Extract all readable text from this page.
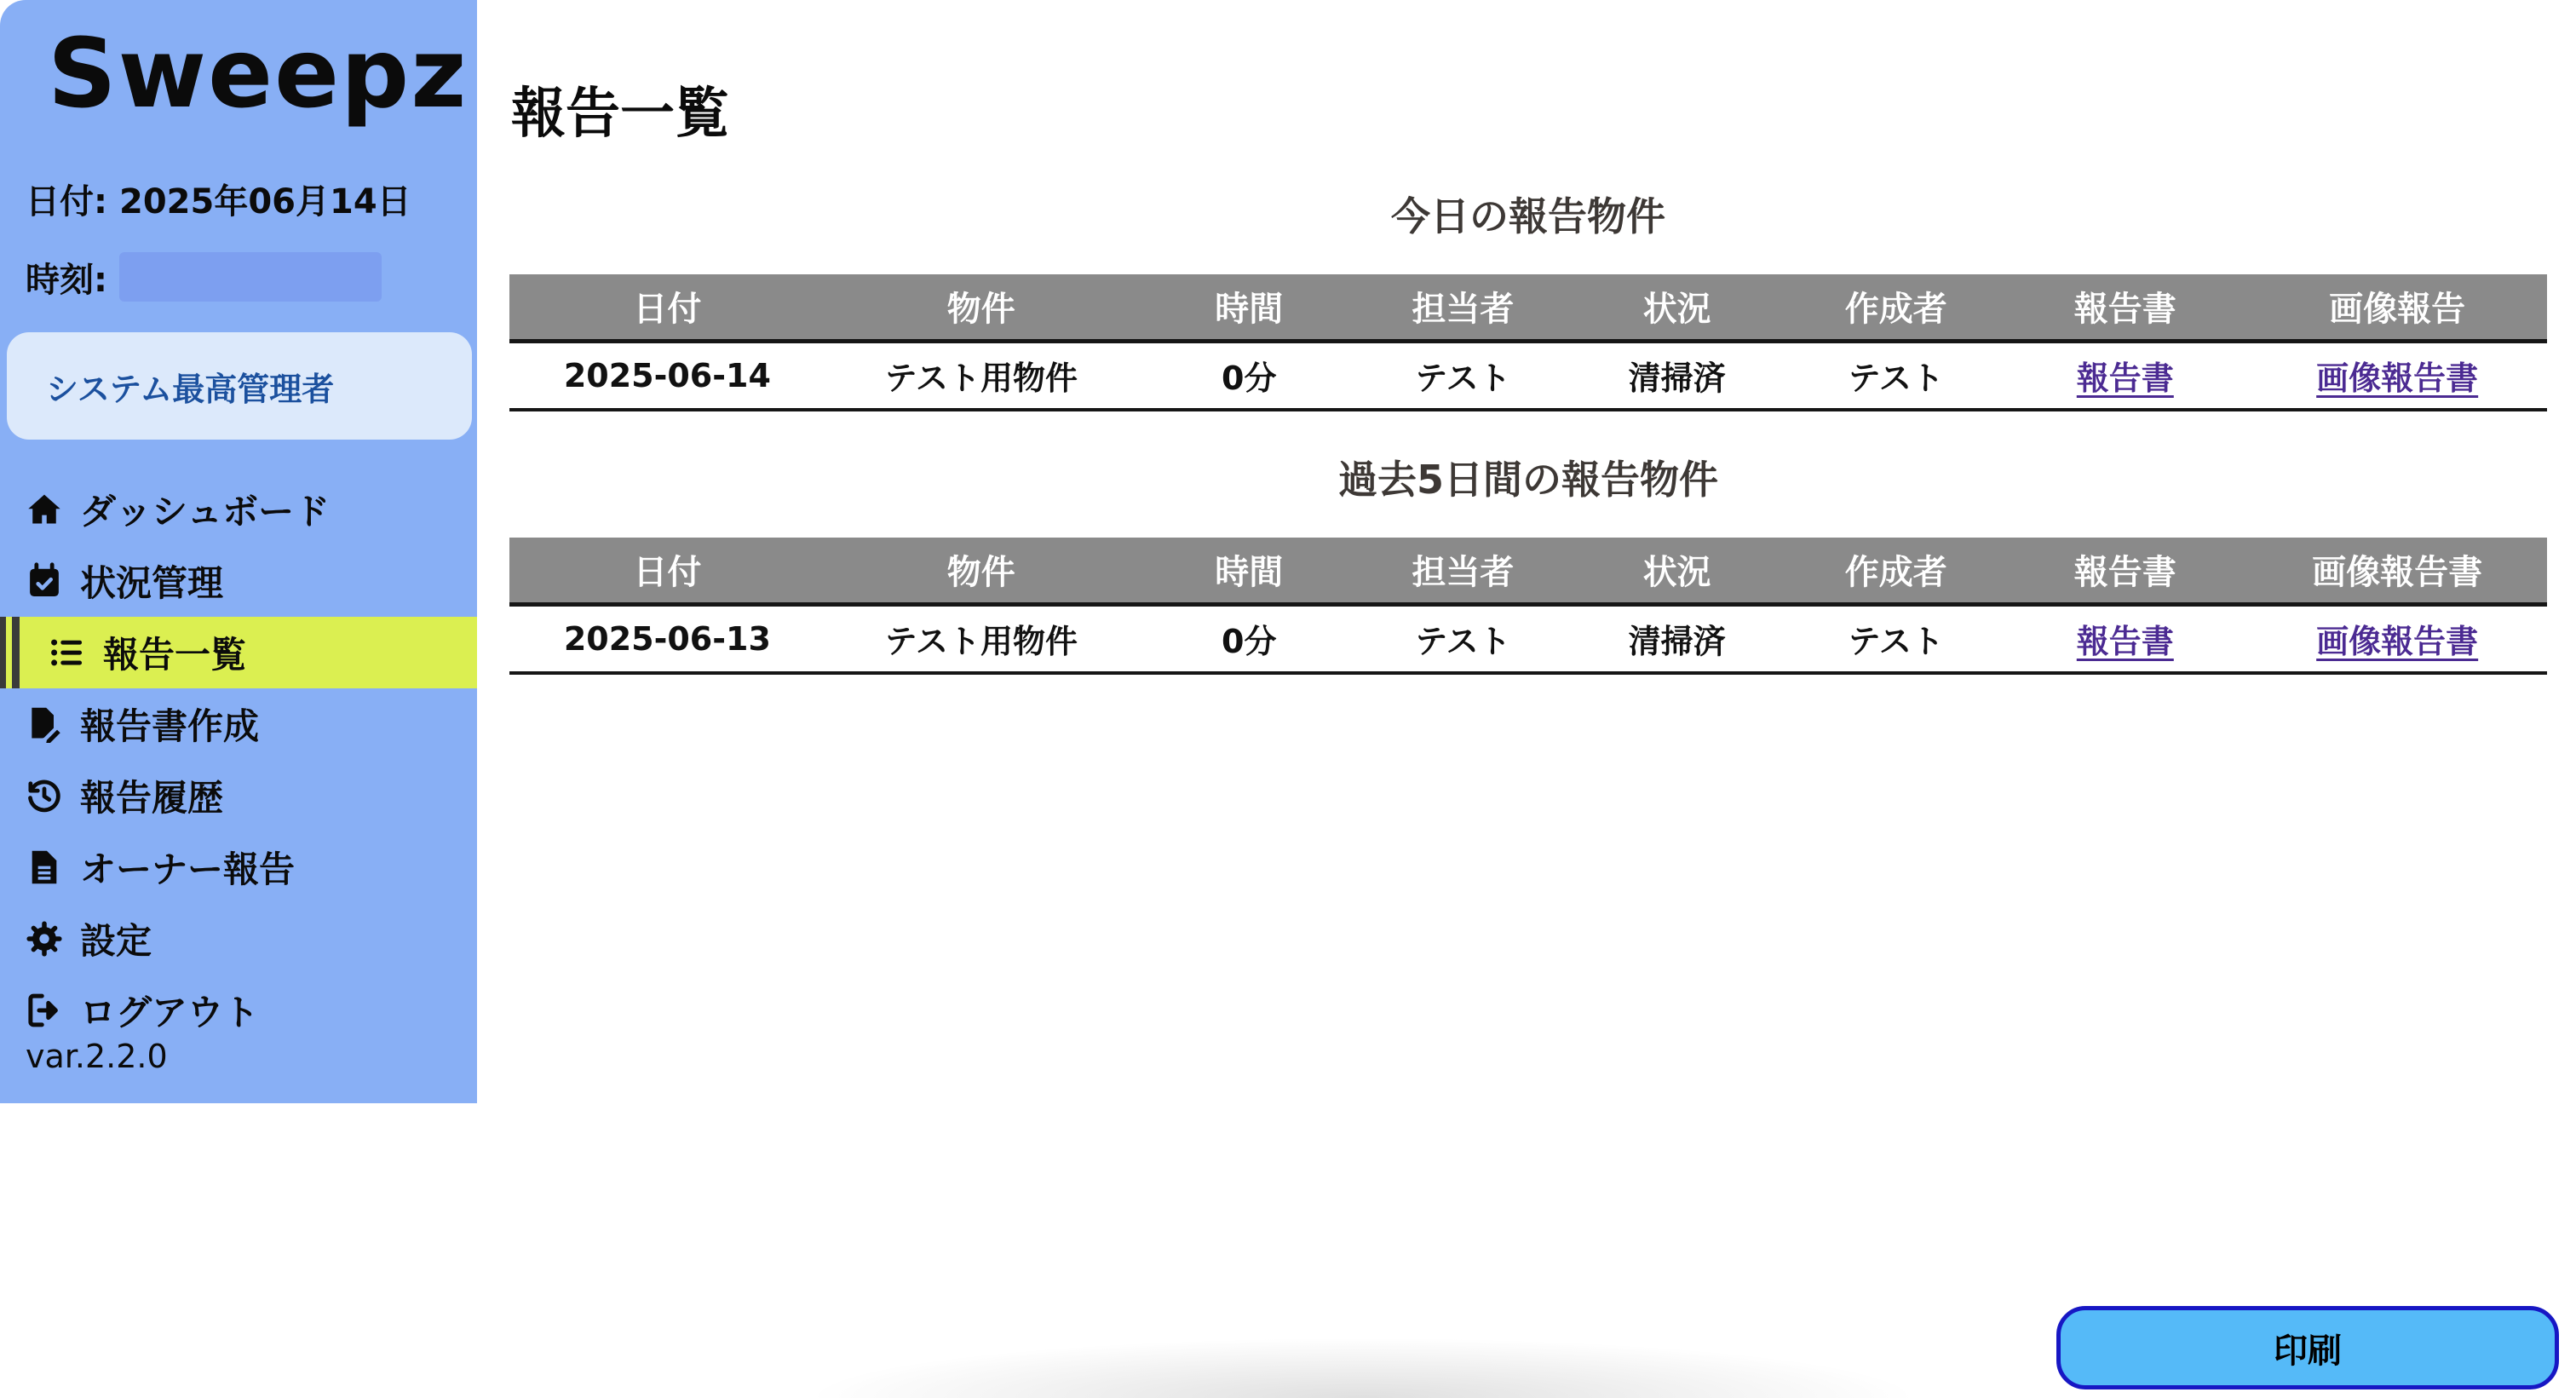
Sweepz
日付: 2025年06月14日
時刻:
システム最高管理者
ダッシュボード
状況管理
報告一覧
報告書作成
報告履歴
オーナー報告
設定
ログアウト
var.2.2.0
報告一覧
今日の報告物件
日付	物件	時間	担当者	状況	作成者	報告書	画像報告
2025-06-14	テスト用物件	0分	テスト	清掃済	テスト	報告書	画像報告書
過去5日間の報告物件
日付	物件	時間	担当者	状況	作成者	報告書	画像報告書
2025-06-13	テスト用物件	0分	テスト	清掃済	テスト	報告書	画像報告書
印刷
